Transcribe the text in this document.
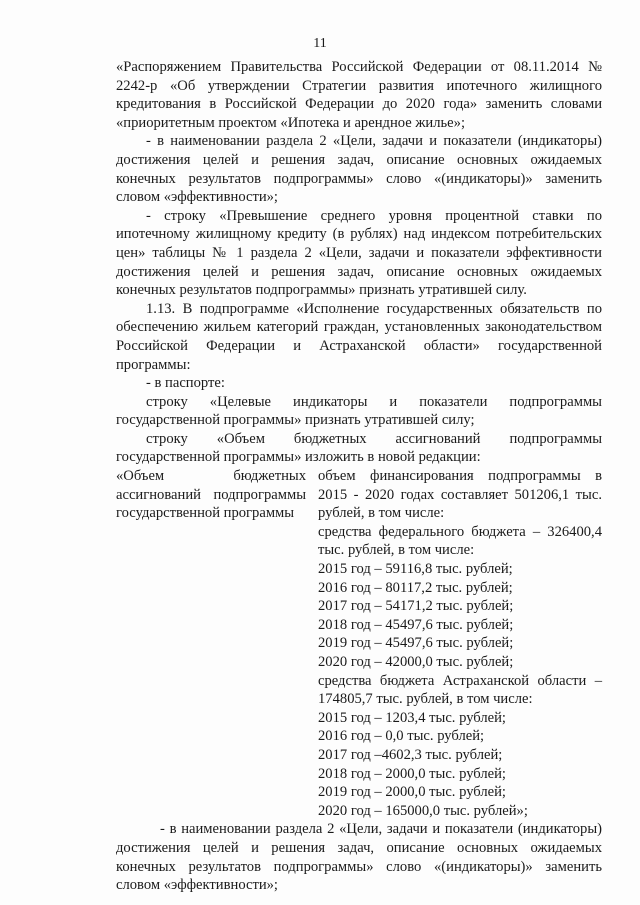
11

«Распоряжением Правительства Российской Федерации от 08.11.2014 № 2242-р «Об утверждении Стратегии развития ипотечного жилищного кредитования в Российской Федерации до 2020 года» заменить словами «приоритетным проектом «Ипотека и арендное жилье»;

- в наименовании раздела 2 «Цели, задачи и показатели (индикаторы) достижения целей и решения задач, описание основных ожидаемых конечных результатов подпрограммы» слово «(индикаторы)» заменить словом «эффективности»;

- строку «Превышение среднего уровня процентной ставки по ипотечному жилищному кредиту (в рублях) над индексом потребительских цен» таблицы № 1 раздела 2 «Цели, задачи и показатели эффективности достижения целей и решения задач, описание основных ожидаемых конечных результатов подпрограммы» признать утратившей силу.

1.13. В подпрограмме «Исполнение государственных обязательств по обеспечению жильем категорий граждан, установленных законодательством Российской Федерации и Астраханской области» государственной программы:

- в паспорте:

строку «Целевые индикаторы и показатели подпрограммы государственной программы» признать утратившей силу;

строку «Объем бюджетных ассигнований подпрограммы государственной программы» изложить в новой редакции:

«Объем бюджетных ассигнований подпрограммы государственной программы

объем финансирования подпрограммы в 2015 - 2020 годах составляет 501206,1 тыс. рублей, в том числе:

средства федерального бюджета – 326400,4 тыс. рублей, в том числе:

2015 год – 59116,8 тыс. рублей;

2016 год – 80117,2 тыс. рублей;

2017 год – 54171,2 тыс. рублей;

2018 год – 45497,6 тыс. рублей;

2019 год – 45497,6 тыс. рублей;

2020 год – 42000,0 тыс. рублей;

средства бюджета Астраханской области – 174805,7 тыс. рублей, в том числе:

2015 год – 1203,4 тыс. рублей;

2016 год – 0,0 тыс. рублей;

2017 год –4602,3 тыс. рублей;

2018 год – 2000,0 тыс. рублей;

2019 год – 2000,0 тыс. рублей;

2020 год – 165000,0 тыс. рублей»;

- в наименовании раздела 2 «Цели, задачи и показатели (индикаторы) достижения целей и решения задач, описание основных ожидаемых конечных результатов подпрограммы» слово «(индикаторы)» заменить словом «эффективности»;
